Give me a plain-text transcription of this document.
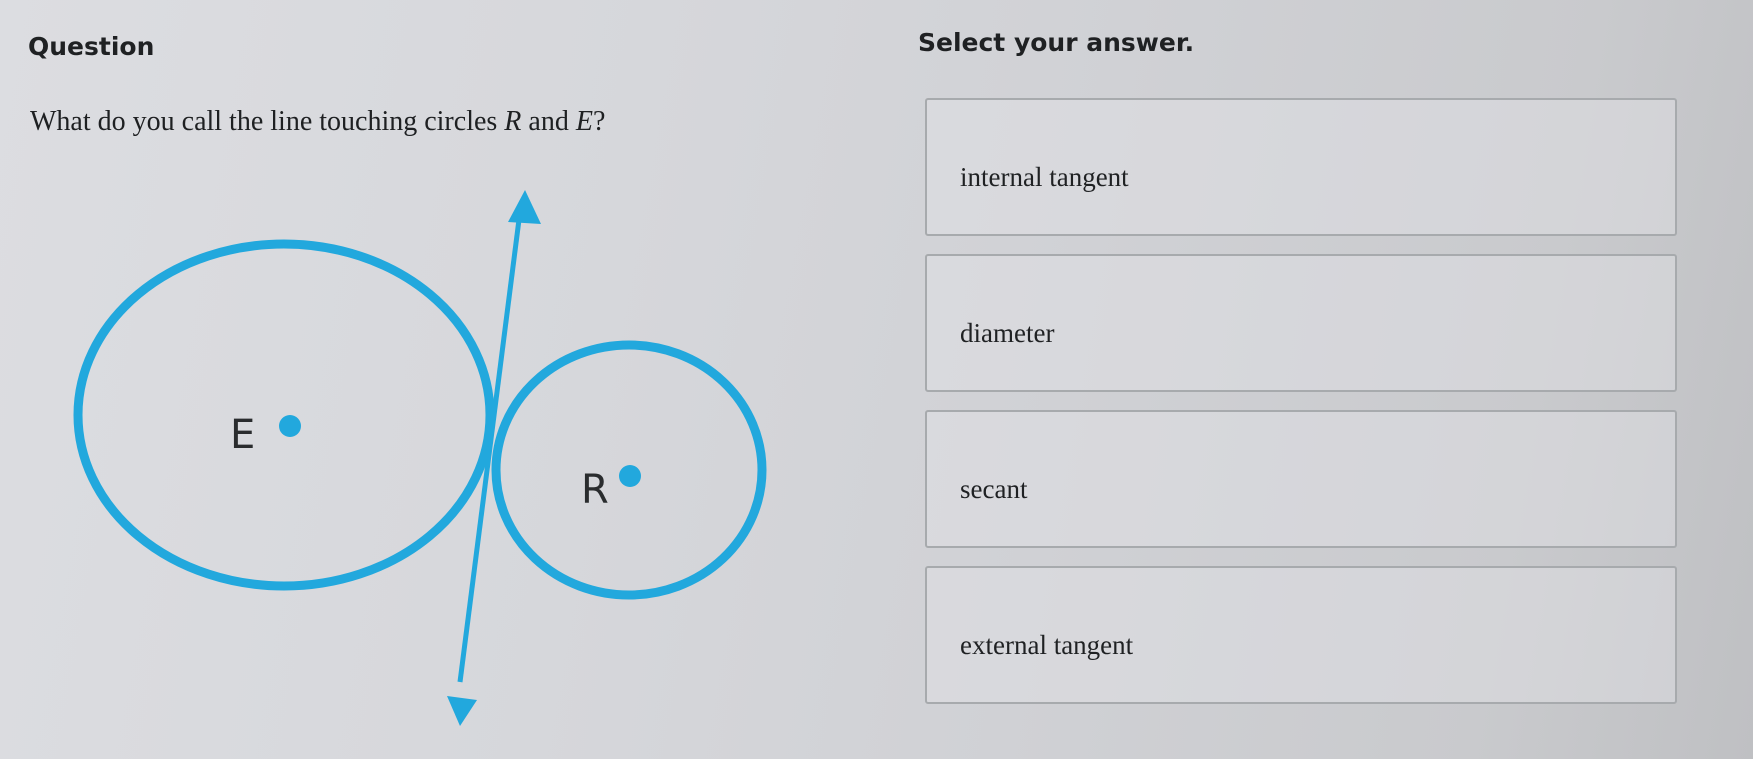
Question	Select your answer.
What do you call the line touching circles R and E?
E
R
internal tangent
diameter
secant
external tangent
